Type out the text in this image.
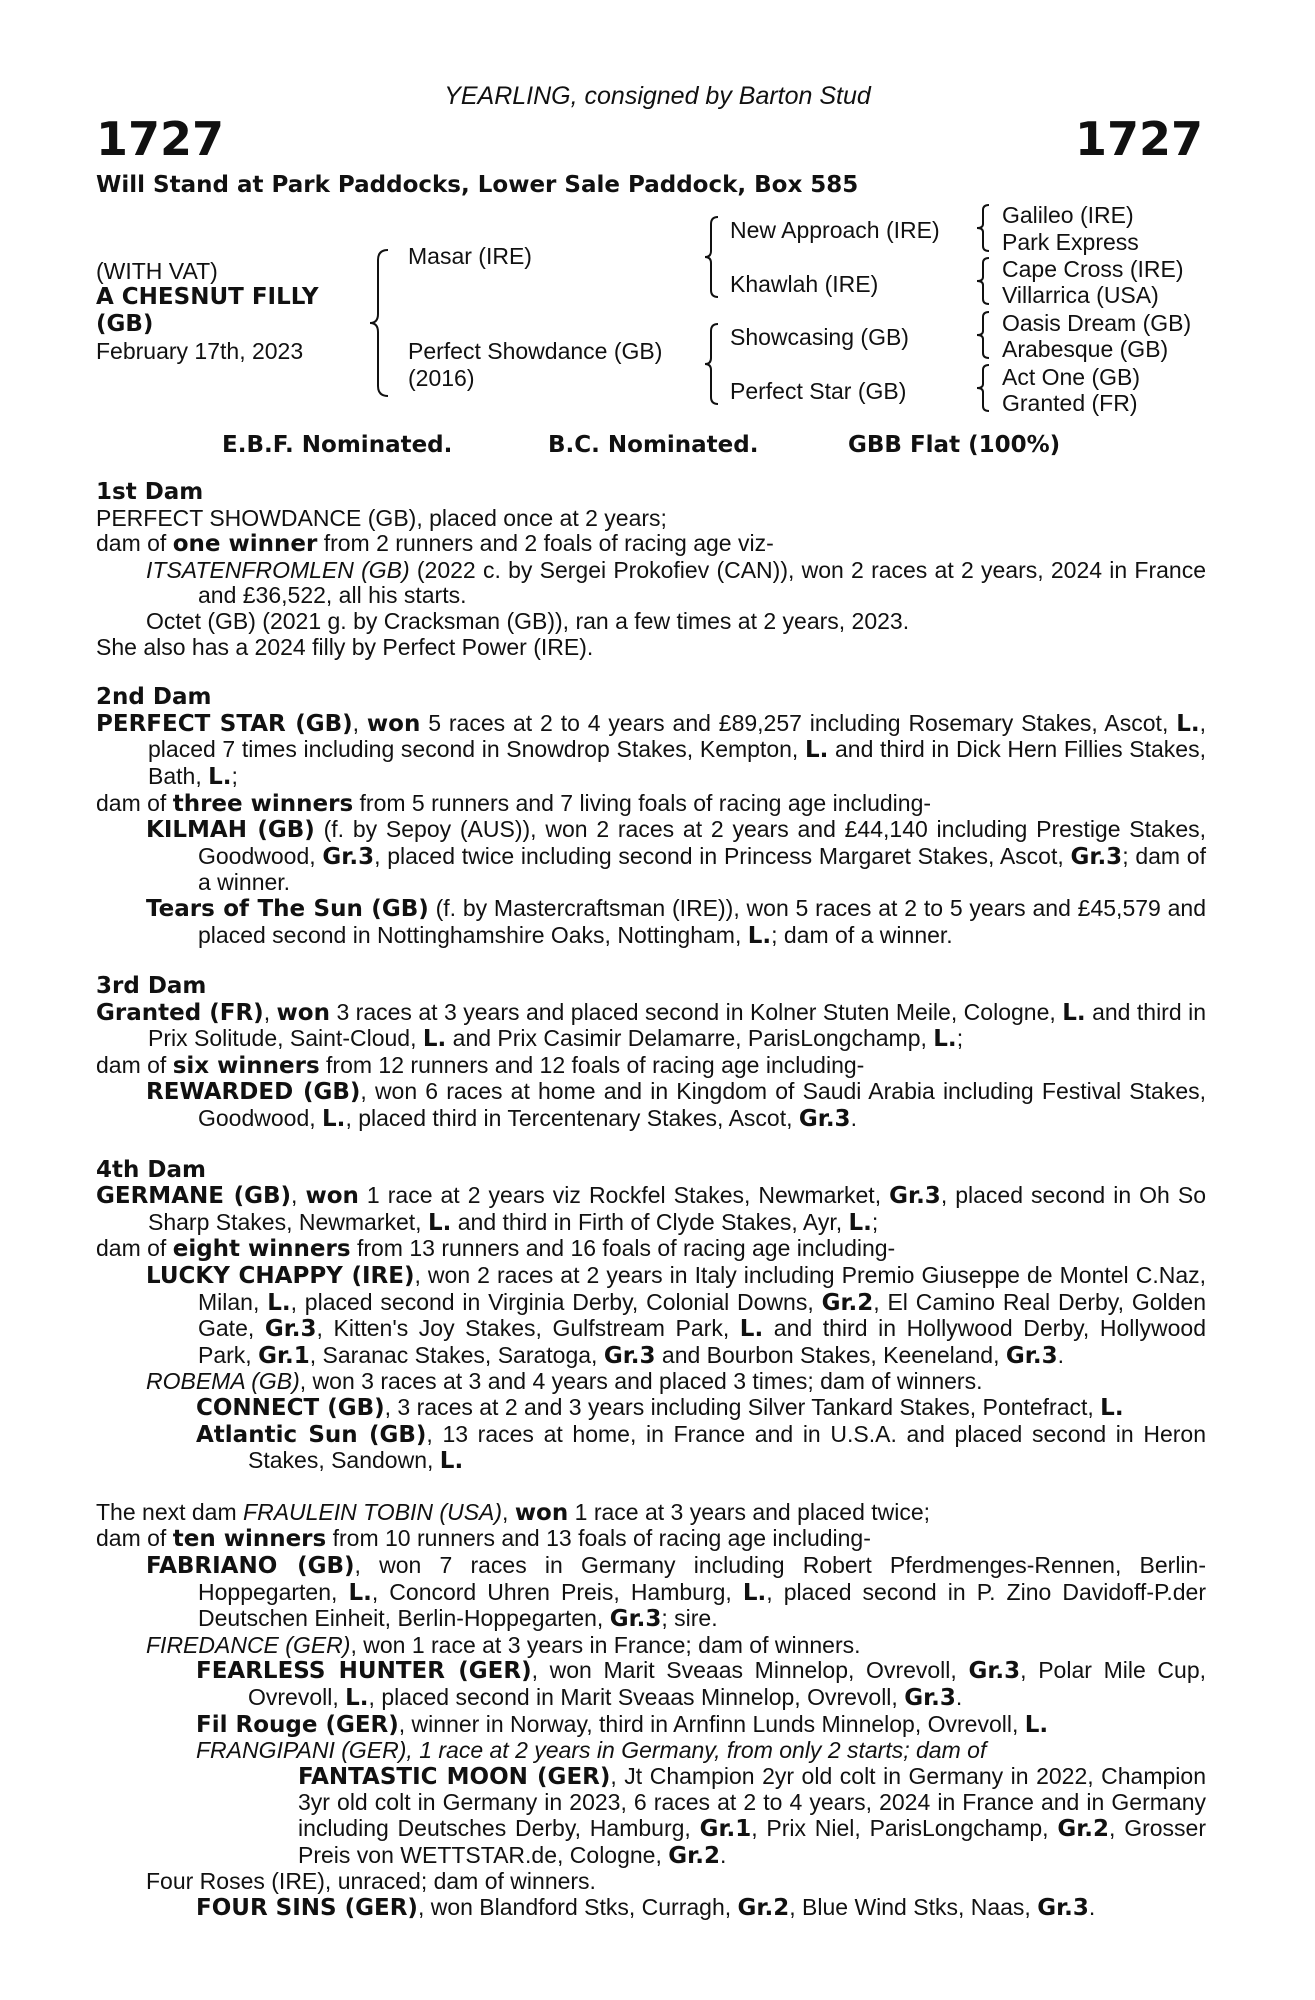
YEARLING, consigned by Barton Stud
1727	1727
Will Stand at Park Paddocks, Lower Sale Paddock, Box 585
(WITH VAT)
A CHESNUT FILLY
(GB)
February 17th, 2023
Masar (IRE)
Perfect Showdance (GB)
(2016)
New Approach (IRE)
Khawlah (IRE)
Showcasing (GB)
Perfect Star (GB)
Galileo (IRE)
Park Express
Cape Cross (IRE)
Villarrica (USA)
Oasis Dream (GB)
Arabesque (GB)
Act One (GB)
Granted (FR)
E.B.F. Nominated.	B.C. Nominated.	GBB Flat (100%)
1st Dam

PERFECT SHOWDANCE (GB), placed once at 2 years;

dam of one winner from 2 runners and 2 foals of racing age viz-

ITSATENFROMLEN (GB) (2022 c. by Sergei Prokofiev (CAN)), won 2 races at 2 years, 2024 in France and £36,522, all his starts.

Octet (GB) (2021 g. by Cracksman (GB)), ran a few times at 2 years, 2023.

She also has a 2024 filly by Perfect Power (IRE).

2nd Dam

PERFECT STAR (GB), won 5 races at 2 to 4 years and £89,257 including Rosemary Stakes, Ascot, L., placed 7 times including second in Snowdrop Stakes, Kempton, L. and third in Dick Hern Fillies Stakes, Bath, L.;

dam of three winners from 5 runners and 7 living foals of racing age including-

KILMAH (GB) (f. by Sepoy (AUS)), won 2 races at 2 years and £44,140 including Prestige Stakes, Goodwood, Gr.3, placed twice including second in Princess Margaret Stakes, Ascot, Gr.3; dam of a winner.

Tears of The Sun (GB) (f. by Mastercraftsman (IRE)), won 5 races at 2 to 5 years and £45,579 and placed second in Nottinghamshire Oaks, Nottingham, L.; dam of a winner.

3rd Dam

Granted (FR), won 3 races at 3 years and placed second in Kolner Stuten Meile, Cologne, L. and third in Prix Solitude, Saint-Cloud, L. and Prix Casimir Delamarre, ParisLongchamp, L.;

dam of six winners from 12 runners and 12 foals of racing age including-

REWARDED (GB), won 6 races at home and in Kingdom of Saudi Arabia including Festival Stakes, Goodwood, L., placed third in Tercentenary Stakes, Ascot, Gr.3.

4th Dam

GERMANE (GB), won 1 race at 2 years viz Rockfel Stakes, Newmarket, Gr.3, placed second in Oh So Sharp Stakes, Newmarket, L. and third in Firth of Clyde Stakes, Ayr, L.;

dam of eight winners from 13 runners and 16 foals of racing age including-

LUCKY CHAPPY (IRE), won 2 races at 2 years in Italy including Premio Giuseppe de Montel C.Naz, Milan, L., placed second in Virginia Derby, Colonial Downs, Gr.2, El Camino Real Derby, Golden Gate, Gr.3, Kitten's Joy Stakes, Gulfstream Park, L. and third in Hollywood Derby, Hollywood Park, Gr.1, Saranac Stakes, Saratoga, Gr.3 and Bourbon Stakes, Keeneland, Gr.3.

ROBEMA (GB), won 3 races at 3 and 4 years and placed 3 times; dam of winners.

CONNECT (GB), 3 races at 2 and 3 years including Silver Tankard Stakes, Pontefract, L.

Atlantic Sun (GB), 13 races at home, in France and in U.S.A. and placed second in Heron Stakes, Sandown, L.

The next dam FRAULEIN TOBIN (USA), won 1 race at 3 years and placed twice;

dam of ten winners from 10 runners and 13 foals of racing age including-

FABRIANO (GB), won 7 races in Germany including Robert Pferdmenges-Rennen, Berlin-Hoppegarten, L., Concord Uhren Preis, Hamburg, L., placed second in P. Zino Davidoff-P.der Deutschen Einheit, Berlin-Hoppegarten, Gr.3; sire.

FIREDANCE (GER), won 1 race at 3 years in France; dam of winners.

FEARLESS HUNTER (GER), won Marit Sveaas Minnelop, Ovrevoll, Gr.3, Polar Mile Cup, Ovrevoll, L., placed second in Marit Sveaas Minnelop, Ovrevoll, Gr.3.

Fil Rouge (GER), winner in Norway, third in Arnfinn Lunds Minnelop, Ovrevoll, L.

FRANGIPANI (GER), 1 race at 2 years in Germany, from only 2 starts; dam of

FANTASTIC MOON (GER), Jt Champion 2yr old colt in Germany in 2022, Champion 3yr old colt in Germany in 2023, 6 races at 2 to 4 years, 2024 in France and in Germany including Deutsches Derby, Hamburg, Gr.1, Prix Niel, ParisLongchamp, Gr.2, Grosser Preis von WETTSTAR.de, Cologne, Gr.2.

Four Roses (IRE), unraced; dam of winners.

FOUR SINS (GER), won Blandford Stks, Curragh, Gr.2, Blue Wind Stks, Naas, Gr.3.
